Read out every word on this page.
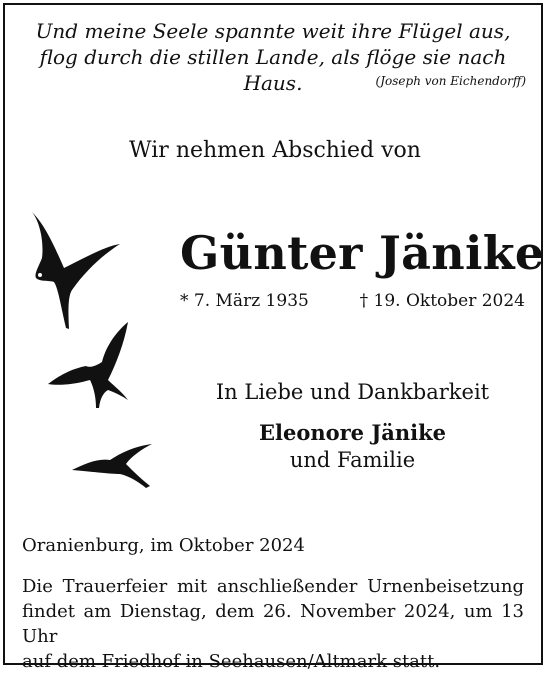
Und meine Seele spannte weit ihre Flügel aus,
flog durch die stillen Lande, als flöge sie nach Haus.	(Joseph von Eichendorff)
Wir nehmen Abschied von
Günter Jänike
* 7. März 1935	† 19. Oktober 2024
In Liebe und Dankbarkeit
Eleonore Jänike
und Familie
Oranienburg, im Oktober 2024
Die Trauerfeier mit anschließender Urnenbeisetzung
findet am Dienstag, dem 26. November 2024, um 13 Uhr
auf dem Friedhof in Seehausen/Altmark statt.
